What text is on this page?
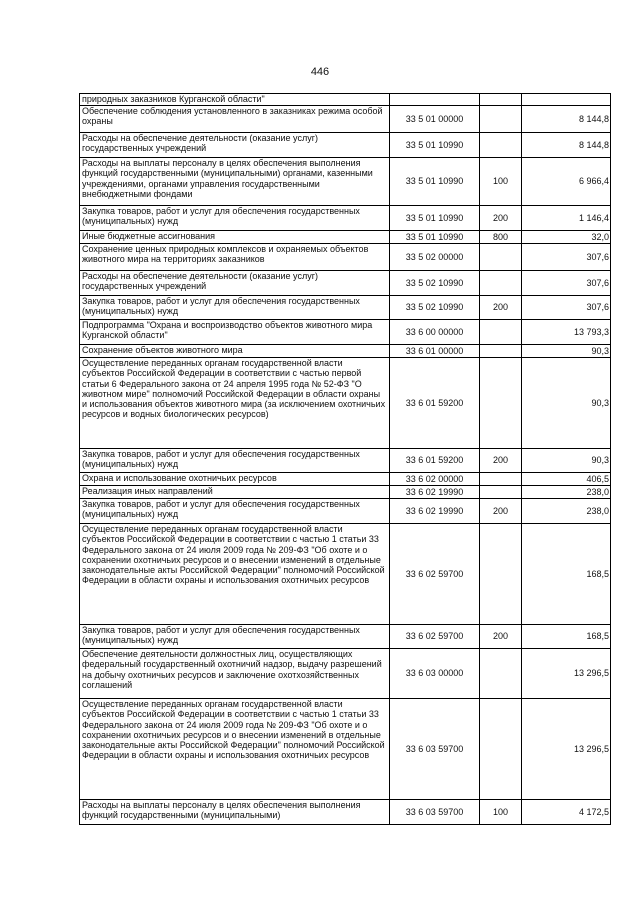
446
природных заказников Курганской области"			
Обеспечение соблюдения установленного в заказниках режима особой охраны	33 5 01 00000		8 144,8
Расходы на обеспечение деятельности (оказание услуг) государственных учреждений	33 5 01 10990		8 144,8
Расходы на выплаты персоналу в целях обеспечения выполнения функций государственными (муниципальными) органами, казенными учреждениями, органами управления государственными внебюджетными фондами	33 5 01 10990	100	6 966,4
Закупка товаров, работ и услуг для обеспечения государственных (муниципальных) нужд	33 5 01 10990	200	1 146,4
Иные бюджетные ассигнования	33 5 01 10990	800	32,0
Сохранение ценных природных комплексов и охраняемых объектов животного мира на территориях заказников	33 5 02 00000		307,6
Расходы на обеспечение деятельности (оказание услуг) государственных учреждений	33 5 02 10990		307,6
Закупка товаров, работ и услуг для обеспечения государственных (муниципальных) нужд	33 5 02 10990	200	307,6
Подпрограмма "Охрана и воспроизводство объектов животного мира Курганской области"	33 6 00 00000		13 793,3
Сохранение объектов животного мира	33 6 01 00000		90,3
Осуществление переданных органам государственной власти субъектов Российской Федерации в соответствии с частью первой статьи 6 Федерального закона от 24 апреля 1995 года № 52-ФЗ "О животном мире" полномочий Российской Федерации в области охраны и использования объектов животного мира (за исключением охотничьих ресурсов и водных биологических ресурсов)	33 6 01 59200		90,3
Закупка товаров, работ и услуг для обеспечения государственных (муниципальных) нужд	33 6 01 59200	200	90,3
Охрана и использование охотничьих ресурсов	33 6 02 00000		406,5
Реализация иных направлений	33 6 02 19990		238,0
Закупка товаров, работ и услуг для обеспечения государственных (муниципальных) нужд	33 6 02 19990	200	238,0
Осуществление переданных органам государственной власти субъектов Российской Федерации в соответствии с частью 1 статьи 33 Федерального закона от 24 июля 2009 года № 209-ФЗ "Об охоте и о сохранении охотничьих ресурсов и о внесении изменений в отдельные законодательные акты Российской Федерации" полномочий Российской Федерации в области охраны и использования охотничьих ресурсов	33 6 02 59700		168,5
Закупка товаров, работ и услуг для обеспечения государственных (муниципальных) нужд	33 6 02 59700	200	168,5
Обеспечение деятельности должностных лиц, осуществляющих федеральный государственный охотничий надзор, выдачу разрешений на добычу охотничьих ресурсов и заключение охотхозяйственных соглашений	33 6 03 00000		13 296,5
Осуществление переданных органам государственной власти субъектов Российской Федерации в соответствии с частью 1 статьи 33 Федерального закона от 24 июля 2009 года № 209-ФЗ "Об охоте и о сохранении охотничьих ресурсов и о внесении изменений в отдельные законодательные акты Российской Федерации" полномочий Российской Федерации в области охраны и использования охотничьих ресурсов	33 6 03 59700		13 296,5
Расходы на выплаты персоналу в целях обеспечения выполнения функций государственными (муниципальными)	33 6 03 59700	100	4 172,5
